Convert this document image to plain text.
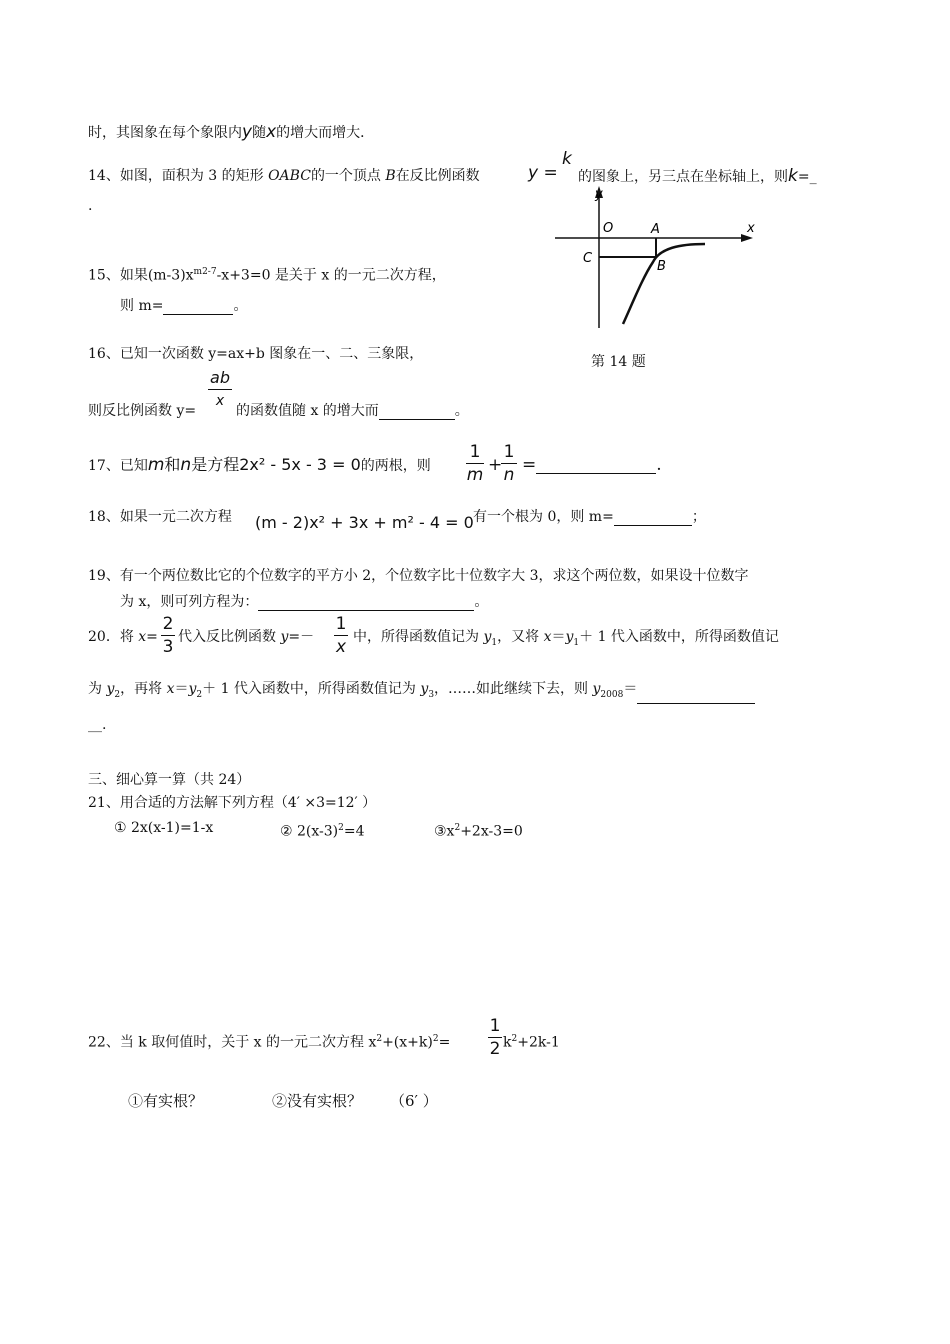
时，其图象在每个象限内y随x的增大而增大．
14、如图，面积为 3 的矩形 OABC的一个顶点 B在反比例函数	y =
k
的图象上，另三点在坐标轴上，则k=_
.
y
x
O	A
C
B
第 14 题
15、如果$(m-3)x^{m2-7}-x+3=0$ 是关于 x 的一元二次方程，
则 m=	。
16、已知一次函数 y=ax+b 图象在一、二、三象限，
则反比例函数 y=
ab
x
的函数值随 x 的增大而	。
17、已知m和n是方程2x² - 5x - 3 = 0的两根，则
1
m +
1
n =	.
18、如果一元二次方程 (m - 2)x² + 3x + m² - 4 = 0 有一个根为 0，则 m=	；
19、有一个两位数比它的个位数字的平方小 2，个位数字比十位数字大 3，求这个两位数，如果设十位数字
为 x，则可列方程为：	。
20．将 x=
2
3 代入反比例函数 y=－
1
x 中，所得函数值记为 $y_1$，又将 $x=y_1+ 1$ 代入函数中，所得函数值记
为 $y_2$，再将 $x=y_2+ 1$ 代入函数中，所得函数值记为 $y_3$，……如此继续下去，则 $y_{2008}=$
__.
三、细心算一算（共 24）
21、用合适的方法解下列方程（4′ ×3=12′ ）
① 2x(x-1)=1-x	② $2(x-3)^2=4$	$③x^2+2x-3=0$
22、当 k 取何值时，关于 x 的一元二次方程 $x^2+(x+k)^2=$
1
2 $k^2+2k-1$
①有实根？	②没有实根？ （6′ ）
